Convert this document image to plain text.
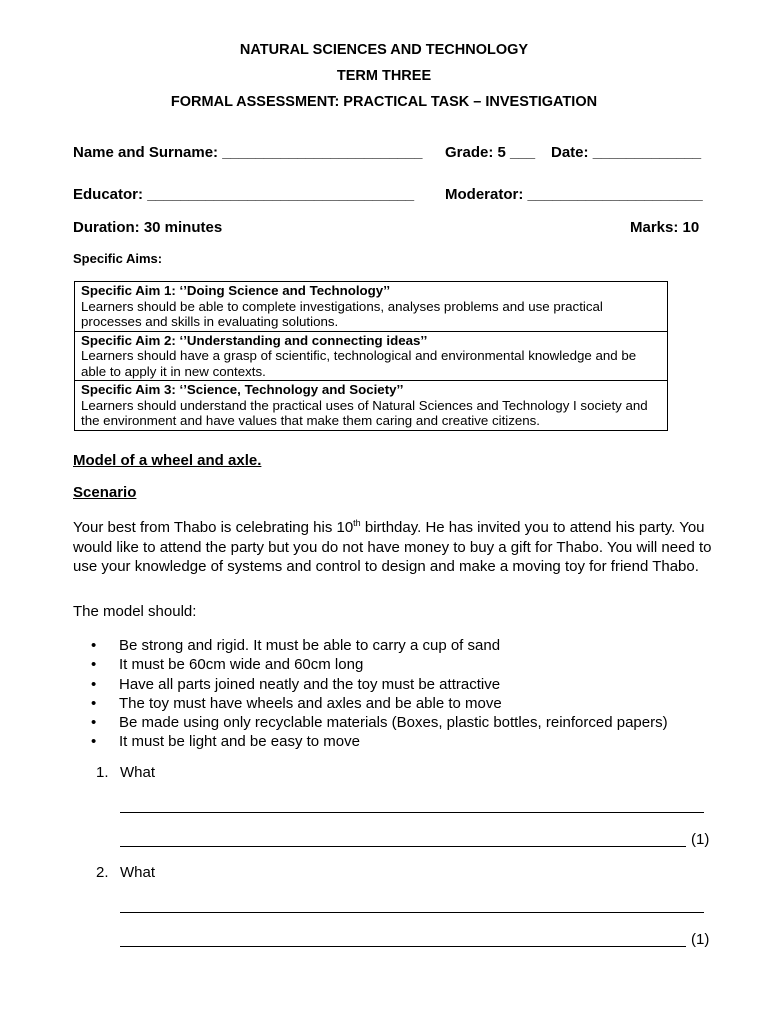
NATURAL SCIENCES AND TECHNOLOGY
TERM THREE
FORMAL ASSESSMENT: PRACTICAL TASK – INVESTIGATION
Name and Surname: ________________________ Grade: 5 ___ Date: _____________
Educator: ________________________________ Moderator: _____________________
Duration: 30 minutes	Marks: 10
Specific Aims:
Specific Aim 1: ‘’Doing Science and Technology’’
Learners should be able to complete investigations, analyses problems and use practical processes and skills in evaluating solutions.
Specific Aim 2: ‘’Understanding and connecting ideas’’
Learners should have a grasp of scientific, technological and environmental knowledge and be able to apply it in new contexts.
Specific Aim 3: ‘’Science, Technology and Society’’
Learners should understand the practical uses of Natural Sciences and Technology I society and the environment and have values that make them caring and creative citizens.
Model of a wheel and axle.
Scenario
Your best from Thabo is celebrating his 10th birthday. He has invited you to attend his party. You would like to attend the party but you do not have money to buy a gift for Thabo. You will need to use your knowledge of systems and control to design and make a moving toy for friend Thabo.
The model should:
• Be strong and rigid. It must be able to carry a cup of sand
• It must be 60cm wide and 60cm long
• Have all parts joined neatly and the toy must be attractive
• The toy must have wheels and axles and be able to move
• Be made using only recyclable materials (Boxes, plastic bottles, reinforced papers)
• It must be light and be easy to move
1. What
(1)
2. What
(1)
